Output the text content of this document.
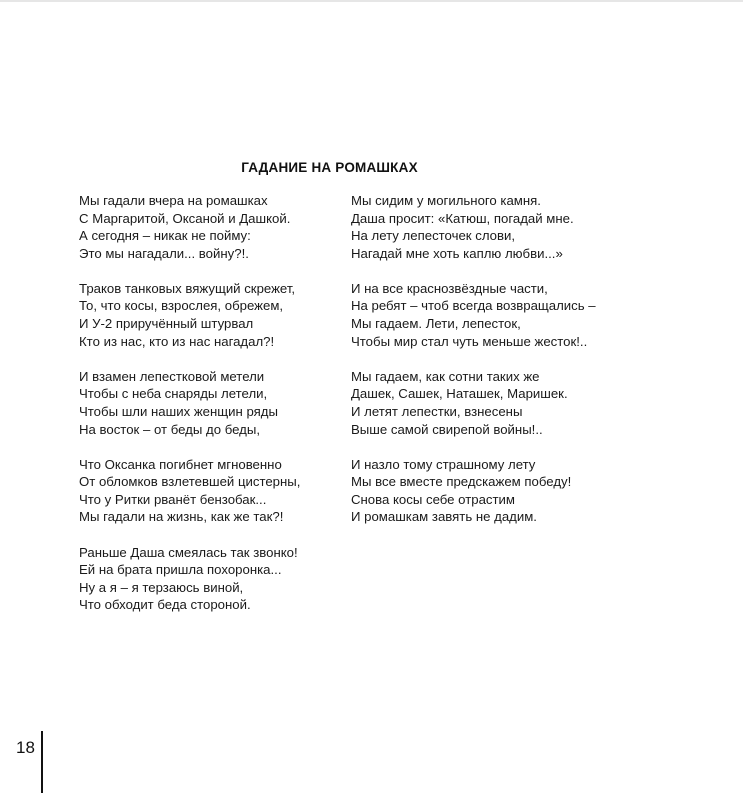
ГАДАНИЕ НА РОМАШКАХ
Мы гадали вчера на ромашках
С Маргаритой, Оксаной и Дашкой.
А сегодня – никак не пойму:
Это мы нагадали... войну?!.
Траков танковых вяжущий скрежет,
То, что косы, взрослея, обрежем,
И У-2 приручённый штурвал
Кто из нас, кто из нас нагадал?!
И взамен лепестковой метели
Чтобы с неба снаряды летели,
Чтобы шли наших женщин ряды
На восток – от беды до беды,
Что Оксанка погибнет мгновенно
От обломков взлетевшей цистерны,
Что у Ритки рванёт бензобак...
Мы гадали на жизнь, как же так?!
Раньше Даша смеялась так звонко!
Ей на брата пришла похоронка...
Ну а я – я терзаюсь виной,
Что обходит беда стороной.
Мы сидим у могильного камня.
Даша просит: «Катюш, погадай мне.
На лету лепесточек слови,
Нагадай мне хоть каплю любви...»
И на все краснозвёздные части,
На ребят – чтоб всегда возвращались –
Мы гадаем. Лети, лепесток,
Чтобы мир стал чуть меньше жесток!..
Мы гадаем, как сотни таких же
Дашек, Сашек, Наташек, Маришек.
И летят лепестки, взнесены
Выше самой свирепой войны!..
И назло тому страшному лету
Мы все вместе предскажем победу!
Снова косы себе отрастим
И ромашкам завять не дадим.
18
